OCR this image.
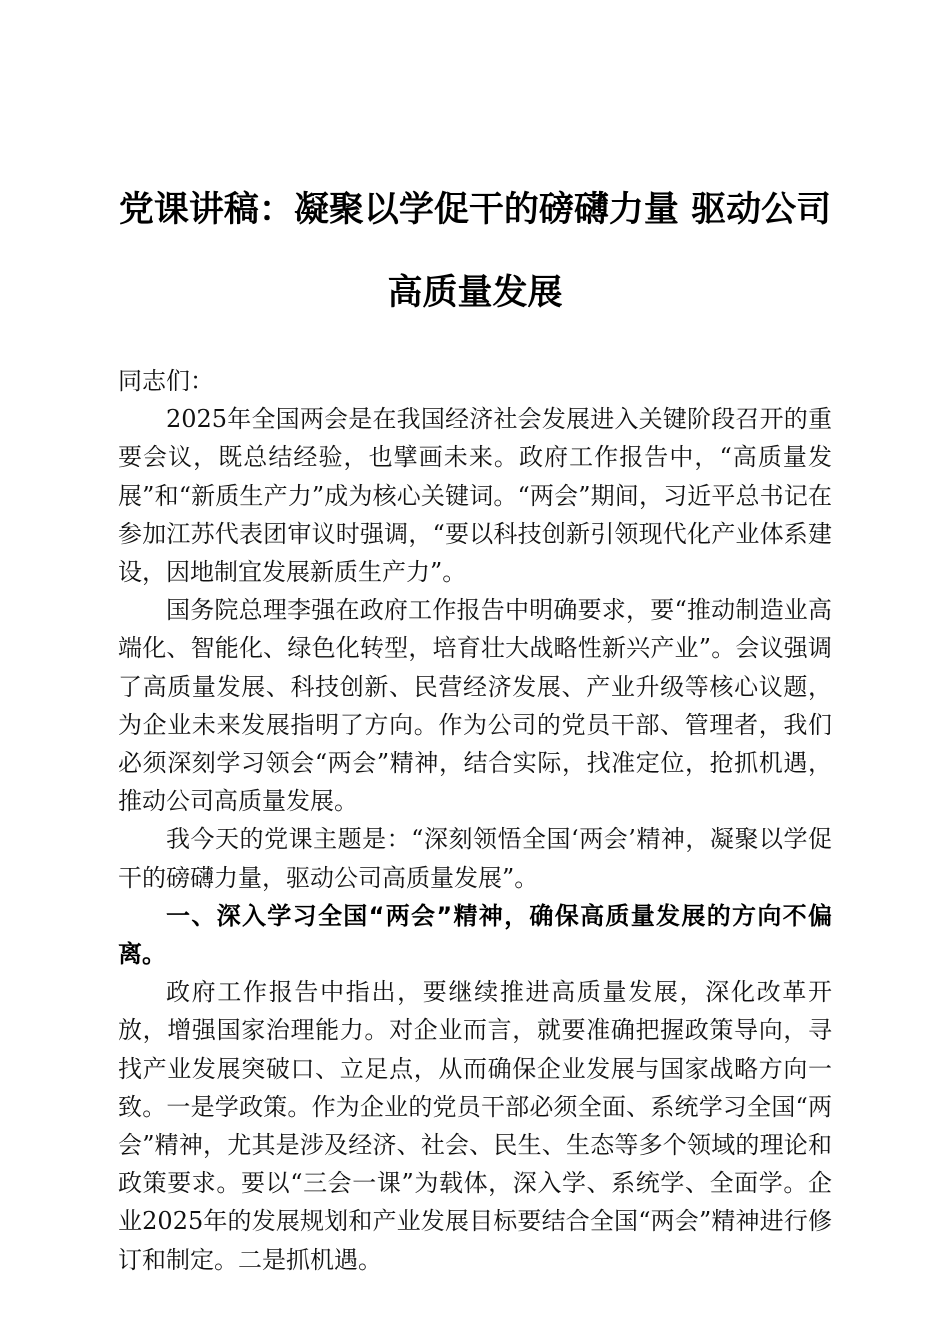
党课讲稿：凝聚以学促干的磅礴力量 驱动公司高质量发展

同志们：

2025年全国两会是在我国经济社会发展进入关键阶段召开的重要会议，既总结经验，也擘画未来。政府工作报告中，“高质量发展”和“新质生产力”成为核心关键词。“两会”期间，习近平总书记在参加江苏代表团审议时强调，“要以科技创新引领现代化产业体系建设，因地制宜发展新质生产力”。

国务院总理李强在政府工作报告中明确要求，要“推动制造业高端化、智能化、绿色化转型，培育壮大战略性新兴产业”。会议强调了高质量发展、科技创新、民营经济发展、产业升级等核心议题，为企业未来发展指明了方向。作为公司的党员干部、管理者，我们必须深刻学习领会“两会”精神，结合实际，找准定位，抢抓机遇，推动公司高质量发展。

我今天的党课主题是：“深刻领悟全国‘两会’精神，凝聚以学促干的磅礴力量，驱动公司高质量发展”。

一、深入学习全国“两会”精神，确保高质量发展的方向不偏离。

政府工作报告中指出，要继续推进高质量发展，深化改革开放，增强国家治理能力。对企业而言，就要准确把握政策导向，寻找产业发展突破口、立足点，从而确保企业发展与国家战略方向一致。一是学政策。作为企业的党员干部必须全面、系统学习全国“两会”精神，尤其是涉及经济、社会、民生、生态等多个领域的理论和政策要求。要以“三会一课”为载体，深入学、系统学、全面学。企业2025年的发展规划和产业发展目标要结合全国“两会”精神进行修订和制定。二是抓机遇。
